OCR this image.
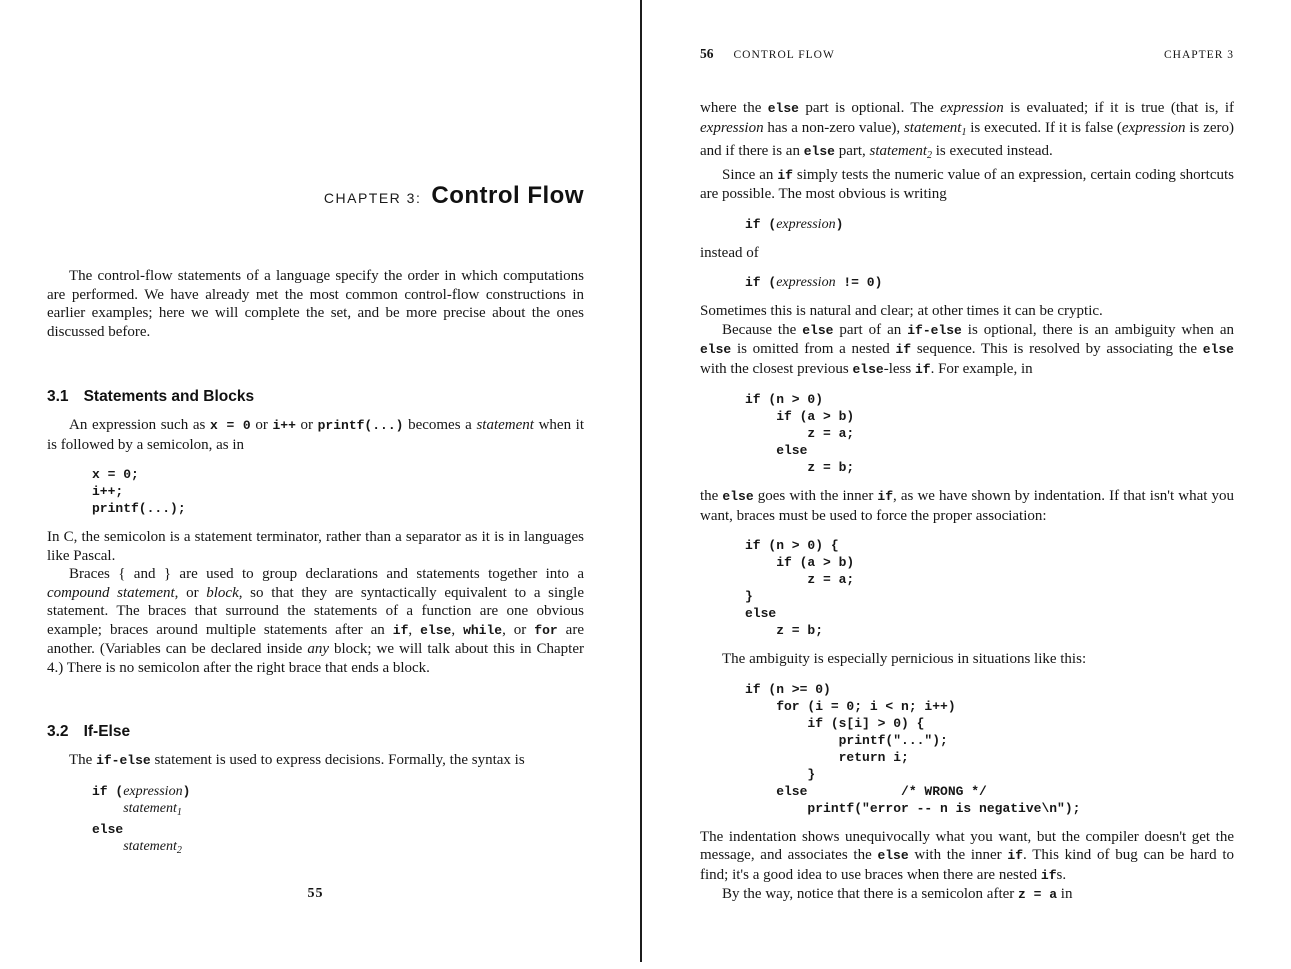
CHAPTER 3: Control Flow

The control-flow statements of a language specify the order in which computations are performed. We have already met the most common control-flow constructions in earlier examples; here we will complete the set, and be more precise about the ones discussed before.

3.1 Statements and Blocks

An expression such as x = 0 or i++ or printf(...) becomes a statement when it is followed by a semicolon, as in

x = 0;
i++;
printf(...);

In C, the semicolon is a statement terminator, rather than a separator as it is in languages like Pascal.

Braces { and } are used to group declarations and statements together into a compound statement, or block, so that they are syntactically equivalent to a single statement. The braces that surround the statements of a function are one obvious example; braces around multiple statements after an if, else, while, or for are another. (Variables can be declared inside any block; we will talk about this in Chapter 4.) There is no semicolon after the right brace that ends a block.

3.2 If-Else

The if-else statement is used to express decisions. Formally, the syntax is

if (expression)
statement$_1$
else
statement$_2$
55
56 CONTROL FLOW	CHAPTER 3

where the else part is optional. The expression is evaluated; if it is true (that is, if expression has a non-zero value), statement$_1$ is executed. If it is false (expression is zero) and if there is an else part, statement$_2$ is executed instead.

Since an if simply tests the numeric value of an expression, certain coding shortcuts are possible. The most obvious is writing

if (expression)

instead of

if (expression != 0)

Sometimes this is natural and clear; at other times it can be cryptic.

Because the else part of an if-else is optional, there is an ambiguity when an else is omitted from a nested if sequence. This is resolved by associating the else with the closest previous else-less if. For example, in

if (n > 0)
if (a > b)
z = a;
else
z = b;

the else goes with the inner if, as we have shown by indentation. If that isn't what you want, braces must be used to force the proper association:

if (n > 0) {
if (a > b)
z = a;
}
else
z = b;

The ambiguity is especially pernicious in situations like this:

if (n >= 0)
for (i = 0; i < n; i++)
if (s[i] > 0) {
printf("...");
return i;
}
else            /* WRONG */
printf("error -- n is negative\n");

The indentation shows unequivocally what you want, but the compiler doesn't get the message, and associates the else with the inner if. This kind of bug can be hard to find; it's a good idea to use braces when there are nested ifs.

By the way, notice that there is a semicolon after z = a in
